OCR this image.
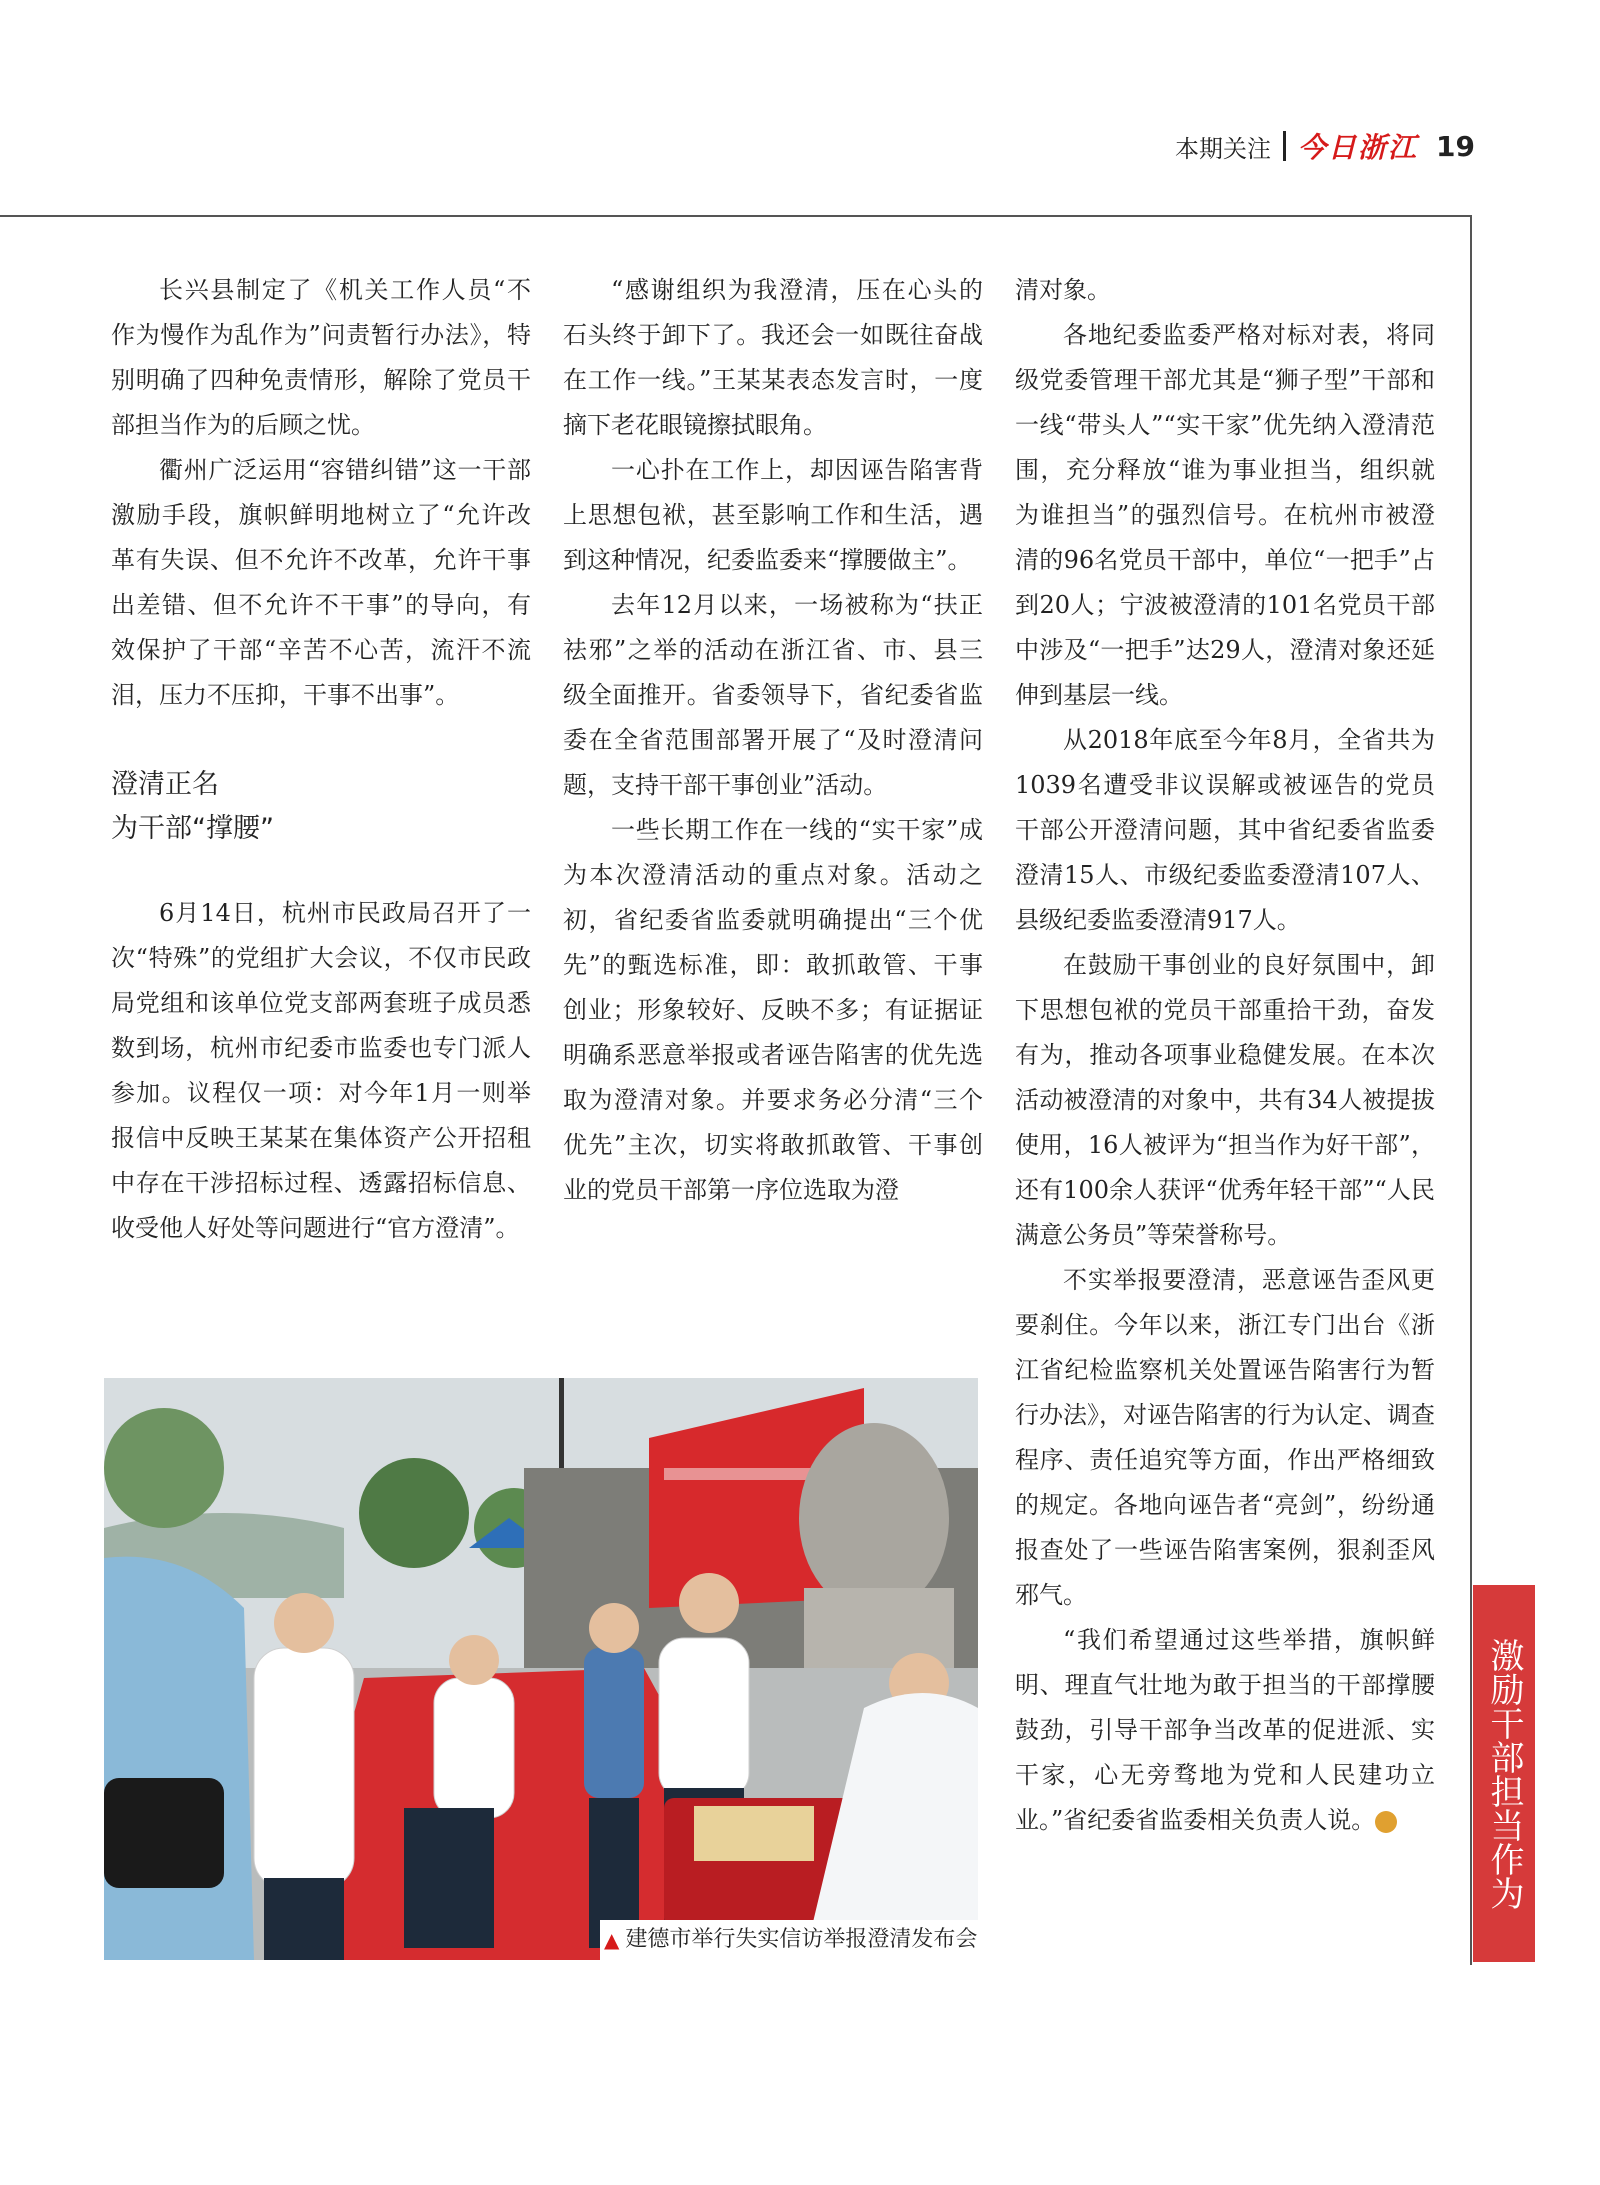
本期关注 今日浙江 19

长兴县制定了《机关工作人员“不作为慢作为乱作为”问责暂行办法》，特别明确了四种免责情形，解除了党员干部担当作为的后顾之忧。

衢州广泛运用“容错纠错”这一干部激励手段，旗帜鲜明地树立了“允许改革有失误、但不允许不改革，允许干事出差错、但不允许不干事”的导向，有效保护了干部“辛苦不心苦，流汗不流泪，压力不压抑，干事不出事”。

澄清正名
为干部“撑腰”

6月14日，杭州市民政局召开了一次“特殊”的党组扩大会议，不仅市民政局党组和该单位党支部两套班子成员悉数到场，杭州市纪委市监委也专门派人参加。议程仅一项：对今年1月一则举报信中反映王某某在集体资产公开招租中存在干涉招标过程、透露招标信息、收受他人好处等问题进行“官方澄清”。

“感谢组织为我澄清，压在心头的石头终于卸下了。我还会一如既往奋战在工作一线。”王某某表态发言时，一度摘下老花眼镜擦拭眼角。

一心扑在工作上，却因诬告陷害背上思想包袱，甚至影响工作和生活，遇到这种情况，纪委监委来“撑腰做主”。

去年12月以来，一场被称为“扶正祛邪”之举的活动在浙江省、市、县三级全面推开。省委领导下，省纪委省监委在全省范围部署开展了“及时澄清问题，支持干部干事创业”活动。

一些长期工作在一线的“实干家”成为本次澄清活动的重点对象。活动之初，省纪委省监委就明确提出“三个优先”的甄选标准，即：敢抓敢管、干事创业；形象较好、反映不多；有证据证明确系恶意举报或者诬告陷害的优先选取为澄清对象。并要求务必分清“三个优先”主次，切实将敢抓敢管、干事创业的党员干部第一序位选取为澄

清对象。

各地纪委监委严格对标对表，将同级党委管理干部尤其是“狮子型”干部和一线“带头人”“实干家”优先纳入澄清范围，充分释放“谁为事业担当，组织就为谁担当”的强烈信号。在杭州市被澄清的96名党员干部中，单位“一把手”占到20人；宁波被澄清的101名党员干部中涉及“一把手”达29人，澄清对象还延伸到基层一线。

从2018年底至今年8月，全省共为1039名遭受非议误解或被诬告的党员干部公开澄清问题，其中省纪委省监委澄清15人、市级纪委监委澄清107人、县级纪委监委澄清917人。

在鼓励干事创业的良好氛围中，卸下思想包袱的党员干部重拾干劲，奋发有为，推动各项事业稳健发展。在本次活动被澄清的对象中，共有34人被提拔使用，16人被评为“担当作为好干部”，还有100余人获评“优秀年轻干部”“人民满意公务员”等荣誉称号。

不实举报要澄清，恶意诬告歪风更要刹住。今年以来，浙江专门出台《浙江省纪检监察机关处置诬告陷害行为暂行办法》，对诬告陷害的行为认定、调查程序、责任追究等方面，作出严格细致的规定。各地向诬告者“亮剑”，纷纷通报查处了一些诬告陷害案例，狠刹歪风邪气。

“我们希望通过这些举措，旗帜鲜明、理直气壮地为敢于担当的干部撑腰鼓劲，引导干部争当改革的促进派、实干家，心无旁骛地为党和人民建功立业。”省纪委省监委相关负责人说。	今

▲ 建德市举行失实信访举报澄清发布会
激励干部担当作为
